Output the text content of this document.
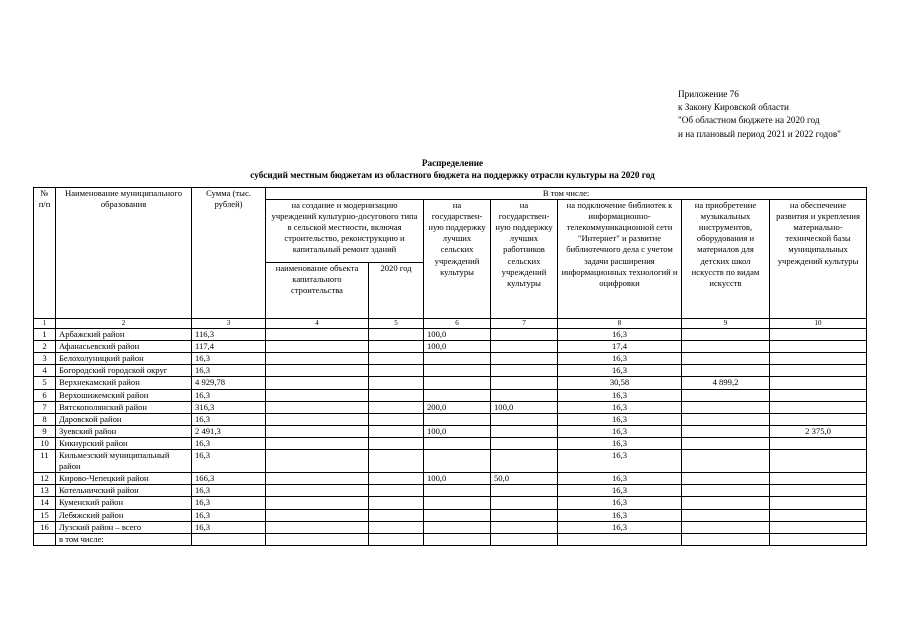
Приложение 76
к Закону Кировской области
"Об областном бюджете на 2020 год
и на плановый период 2021 и 2022 годов"
Распределение
субсидий местным бюджетам из областного бюджета на поддержку отрасли культуры на 2020 год
№ п/п	Наименование муниципального образования	Сумма (тыс. рублей)	В том числе:						
			на создание и модернизацию учреждений культурно-досугового типа в сельской местности, включая строительство, реконструкцию и капитальный ремонт зданий		на государствен-ную поддержку лучших сельских учреждений культуры	на государствен-ную поддержку лучших работников сельских учреждений культуры	на подключение библиотек к информационно-телекоммуникационной сети "Интернет" и развитие библиотечного дела с учетом задачи расширения информационных технологий и оцифровки	на приобретение музыкальных инструментов, оборудования и материалов для детских школ искусств по видам искусств	на обеспечение развития и укрепления материально-технической базы муниципальных учреждений культуры
			наименование объекта капитального строительства	2020 год					
1	2	3	4	5	6	7	8	9	10
1	Арбажский район	116,3			100,0		16,3		
2	Афанасьевский район	117,4			100,0		17,4		
3	Белохолуницкий район	16,3					16,3		
4	Богородский городской округ	16,3					16,3		
5	Верхнекамский район	4 929,78					30,58	4 899,2	
6	Верхошижемский район	16,3					16,3		
7	Вятскополянский район	316,3			200,0	100,0	16,3		
8	Даровской район	16,3					16,3		
9	Зуевский район	2 491,3			100,0		16,3		2 375,0
10	Кикнурский район	16,3					16,3		
11	Кильмезский муниципальный район	16,3					16,3		
12	Кирово-Чепецкий район	166,3			100,0	50,0	16,3		
13	Котельничский район	16,3					16,3		
14	Куменский район	16,3					16,3		
15	Лебяжский район	16,3					16,3		
16	Лузский район – всего	16,3					16,3		
	в том числе:								
